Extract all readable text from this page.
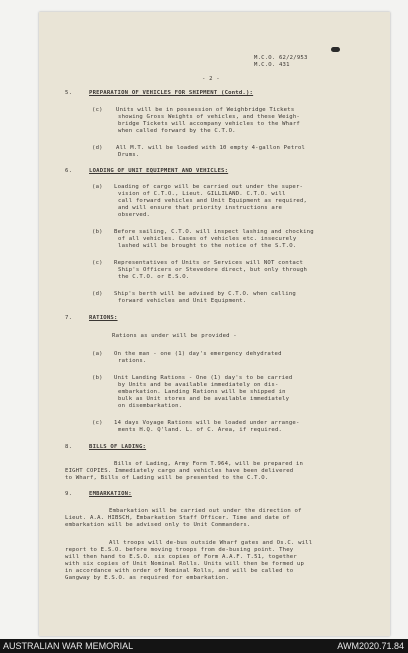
M.C.O. 62/2/953
M.C.O. 431
- 2 -
5.	PREPARATION OF VEHICLES FOR SHIPMENT (Contd.):
(c) Units will be in possession of Weighbridge Tickets
showing Gross Weights of vehicles, and these Weigh-
bridge Tickets will accompany vehicles to the Wharf
when called forward by the C.T.O.
(d) All M.T. will be loaded with 10 empty 4-gallon Petrol
Drums.
6.	LOADING OF UNIT EQUIPMENT AND VEHICLES:
(a) Loading of cargo will be carried out under the super-
vision of C.T.O., Lieut. GILLILAND. C.T.O. will
call forward vehicles and Unit Equipment as required,
and will ensure that priority instructions are
observed.
(b) Before sailing, C.T.O. will inspect lashing and chocking
of all vehicles. Cases of vehicles etc. insecurely
lashed will be brought to the notice of the S.T.O.
(c) Representatives of Units or Services will NOT contact
Ship's Officers or Stevedore direct, but only through
the C.T.O. or E.S.O.
(d) Ship's berth will be advised by C.T.O. when calling
forward vehicles and Unit Equipment.
7.	RATIONS:
Rations as under will be provided -
(a) On the man - one (1) day's emergency dehydrated
rations.
(b) Unit Landing Rations - One (1) day's to be carried
by Units and be available immediately on dis-
embarkation. Landing Rations will be shipped in
bulk as Unit stores and be available immediately
on disembarkation.
(c) 14 days Voyage Rations will be loaded under arrange-
ments H.Q. Q'land. L. of C. Area, if required.
8.	BILLS OF LADING:
Bills of Lading, Army Form T.964, will be prepared in
EIGHT COPIES. Immediately cargo and vehicles have been delivered
to Wharf, Bills of Lading will be presented to the C.T.O.
9.	EMBARKATION:
Embarkation will be carried out under the direction of
Lieut. A.A. HIBSCH, Embarkation Staff Officer. Time and date of
embarkation will be advised only to Unit Commanders.
All troops will de-bus outside Wharf gates and Os.C. will
report to E.S.O. before moving troops from de-busing point. They
will then hand to E.S.O. six copies of Form A.A.F. T.51, together
with six copies of Unit Nominal Rolls. Units will then be formed up
in accordance with order of Nominal Rolls, and will be called to
Gangway by E.S.O. as required for embarkation.
AUSTRALIAN WAR MEMORIAL	AWM2020.71.84
